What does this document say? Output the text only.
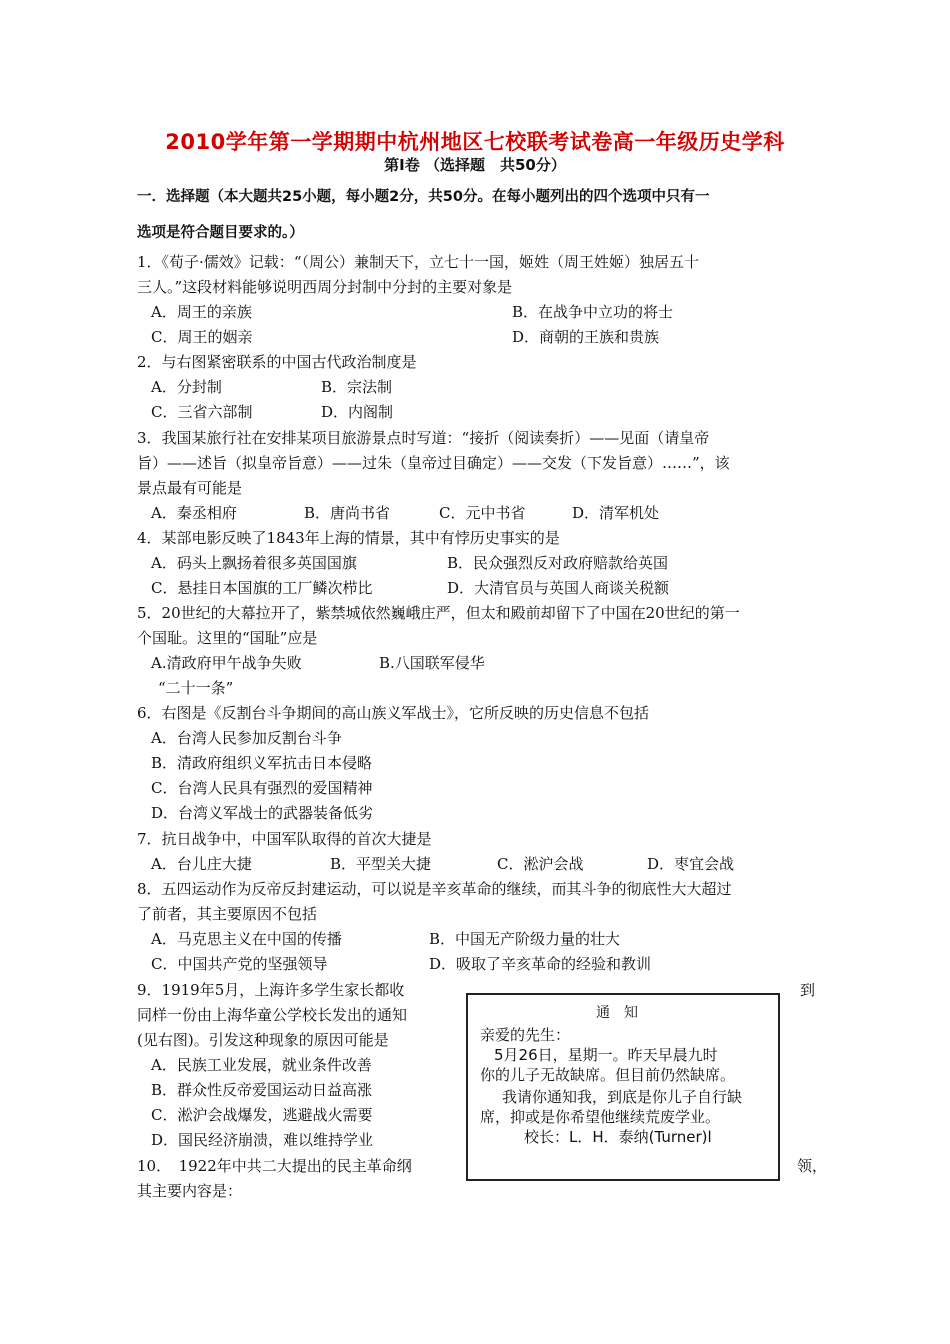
2010学年第一学期期中杭州地区七校联考试卷高一年级历史学科
第Ⅰ卷 （选择题　共50分）
一．选择题（本大题共25小题，每小题2分，共50分。在每小题列出的四个选项中只有一
选项是符合题目要求的。）
1．《荀子·儒效》记载：“（周公）兼制天下，立七十一国，姬姓（周王姓姬）独居五十
三人。”这段材料能够说明西周分封制中分封的主要对象是
A．周王的亲族	B．在战争中立功的将士
C．周王的姻亲	D．商朝的王族和贵族
2．与右图紧密联系的中国古代政治制度是
A．分封制	B．宗法制
C．三省六部制	D．内阁制
3．我国某旅行社在安排某项目旅游景点时写道：“接折（阅读奏折）——见面（请皇帝
旨）——述旨（拟皇帝旨意）——过朱（皇帝过目确定）——交发（下发旨意）……”，该
景点最有可能是
A．秦丞相府	B．唐尚书省	C．元中书省	D．清军机处
4．某部电影反映了1843年上海的情景，其中有悖历史事实的是
A．码头上飘扬着很多英国国旗	B．民众强烈反对政府赔款给英国
C．悬挂日本国旗的工厂鳞次栉比	D．大清官员与英国人商谈关税额
5．20世纪的大幕拉开了，紫禁城依然巍峨庄严，但太和殿前却留下了中国在20世纪的第一
个国耻。这里的“国耻”应是
A.清政府甲午战争失败	B.八国联军侵华
“二十一条”
6．右图是《反割台斗争期间的高山族义军战士》，它所反映的历史信息不包括
A．台湾人民参加反割台斗争
B．清政府组织义军抗击日本侵略
C．台湾人民具有强烈的爱国精神
D．台湾义军战士的武器装备低劣
7．抗日战争中，中国军队取得的首次大捷是
A．台儿庄大捷	B．平型关大捷	C．淞沪会战	D．枣宜会战
8．五四运动作为反帝反封建运动，可以说是辛亥革命的继续，而其斗争的彻底性大大超过
了前者，其主要原因不包括
A．马克思主义在中国的传播	B．中国无产阶级力量的壮大
C．中国共产党的坚强领导	D．吸取了辛亥革命的经验和教训
9．1919年5月，上海许多学生家长都收	到
同样一份由上海华童公学校长发出的通知
(见右图)。引发这种现象的原因可能是
A．民族工业发展，就业条件改善
B．群众性反帝爱国运动日益高涨
C．淞沪会战爆发，逃避战火需要
D．国民经济崩溃，难以维持学业
10．　1922年中共二大提出的民主革命纲	领，
其主要内容是：
通　知
亲爱的先生：
5月26日，星期一。昨天早晨九时
你的儿子无故缺席。但目前仍然缺席。
我请你通知我，到底是你儿子自行缺
席，抑或是你希望他继续荒废学业。
校长：L．H．泰纳(Turner)l
